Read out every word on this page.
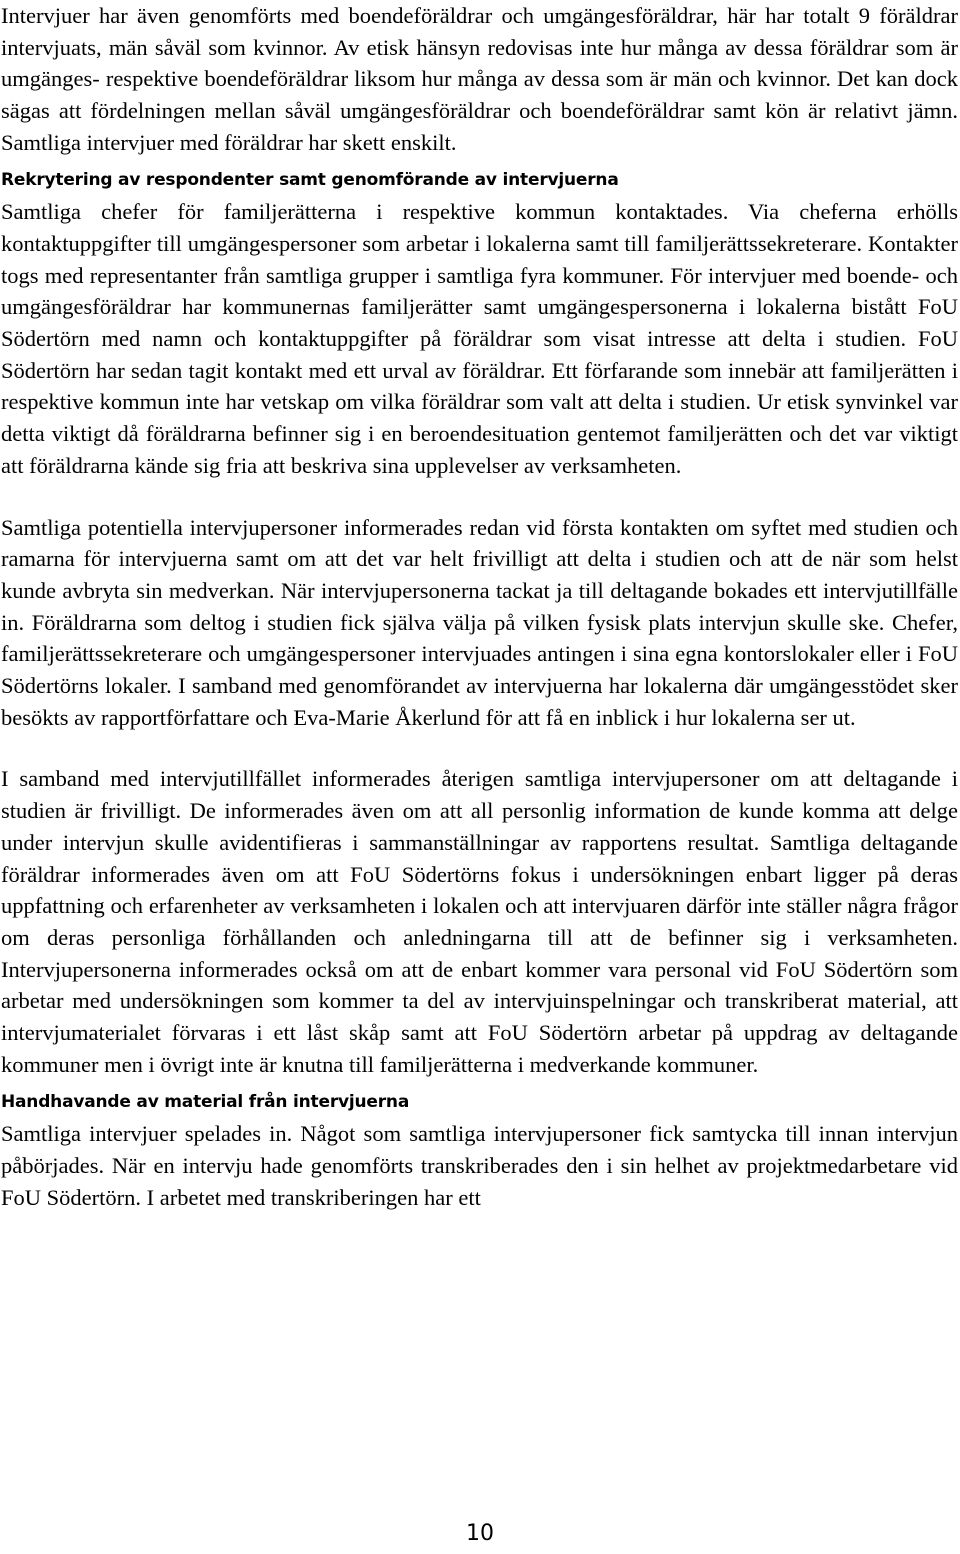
Intervjuer har även genomförts med boendeföräldrar och umgängesföräldrar, här har totalt 9 föräldrar intervjuats, män såväl som kvinnor. Av etisk hänsyn redovisas inte hur många av dessa föräldrar som är umgänges- respektive boendeföräldrar liksom hur många av dessa som är män och kvinnor. Det kan dock sägas att fördelningen mellan såväl umgängesföräldrar och boendeföräldrar samt kön är relativt jämn. Samtliga intervjuer med föräldrar har skett enskilt.

Rekrytering av respondenter samt genomförande av intervjuerna

Samtliga chefer för familjerätterna i respektive kommun kontaktades. Via cheferna erhölls kontaktuppgifter till umgängespersoner som arbetar i lokalerna samt till familjerättssekreterare. Kontakter togs med representanter från samtliga grupper i samtliga fyra kommuner. För intervjuer med boende- och umgängesföräldrar har kommunernas familjerätter samt umgängespersonerna i lokalerna bistått FoU Södertörn med namn och kontaktuppgifter på föräldrar som visat intresse att delta i studien. FoU Södertörn har sedan tagit kontakt med ett urval av föräldrar. Ett förfarande som innebär att familjerätten i respektive kommun inte har vetskap om vilka föräldrar som valt att delta i studien. Ur etisk synvinkel var detta viktigt då föräldrarna befinner sig i en beroendesituation gentemot familjerätten och det var viktigt att föräldrarna kände sig fria att beskriva sina upplevelser av verksamheten.

Samtliga potentiella intervjupersoner informerades redan vid första kontakten om syftet med studien och ramarna för intervjuerna samt om att det var helt frivilligt att delta i studien och att de när som helst kunde avbryta sin medverkan. När intervjupersonerna tackat ja till deltagande bokades ett intervjutillfälle in. Föräldrarna som deltog i studien fick själva välja på vilken fysisk plats intervjun skulle ske. Chefer, familjerättssekreterare och umgängespersoner intervjuades antingen i sina egna kontorslokaler eller i FoU Södertörns lokaler. I samband med genomförandet av intervjuerna har lokalerna där umgängesstödet sker besökts av rapportförfattare och Eva-Marie Åkerlund för att få en inblick i hur lokalerna ser ut.

I samband med intervjutillfället informerades återigen samtliga intervjupersoner om att deltagande i studien är frivilligt. De informerades även om att all personlig information de kunde komma att delge under intervjun skulle avidentifieras i sammanställningar av rapportens resultat. Samtliga deltagande föräldrar informerades även om att FoU Södertörns fokus i undersökningen enbart ligger på deras uppfattning och erfarenheter av verksamheten i lokalen och att intervjuaren därför inte ställer några frågor om deras personliga förhållanden och anledningarna till att de befinner sig i verksamheten. Intervjupersonerna informerades också om att de enbart kommer vara personal vid FoU Södertörn som arbetar med undersökningen som kommer ta del av intervjuinspelningar och transkriberat material, att intervjumaterialet förvaras i ett låst skåp samt att FoU Södertörn arbetar på uppdrag av deltagande kommuner men i övrigt inte är knutna till familjerätterna i medverkande kommuner.

Handhavande av material från intervjuerna

Samtliga intervjuer spelades in. Något som samtliga intervjupersoner fick samtycka till innan intervjun påbörjades. När en intervju hade genomförts transkriberades den i sin helhet av projektmedarbetare vid FoU Södertörn. I arbetet med transkriberingen har ett

10
